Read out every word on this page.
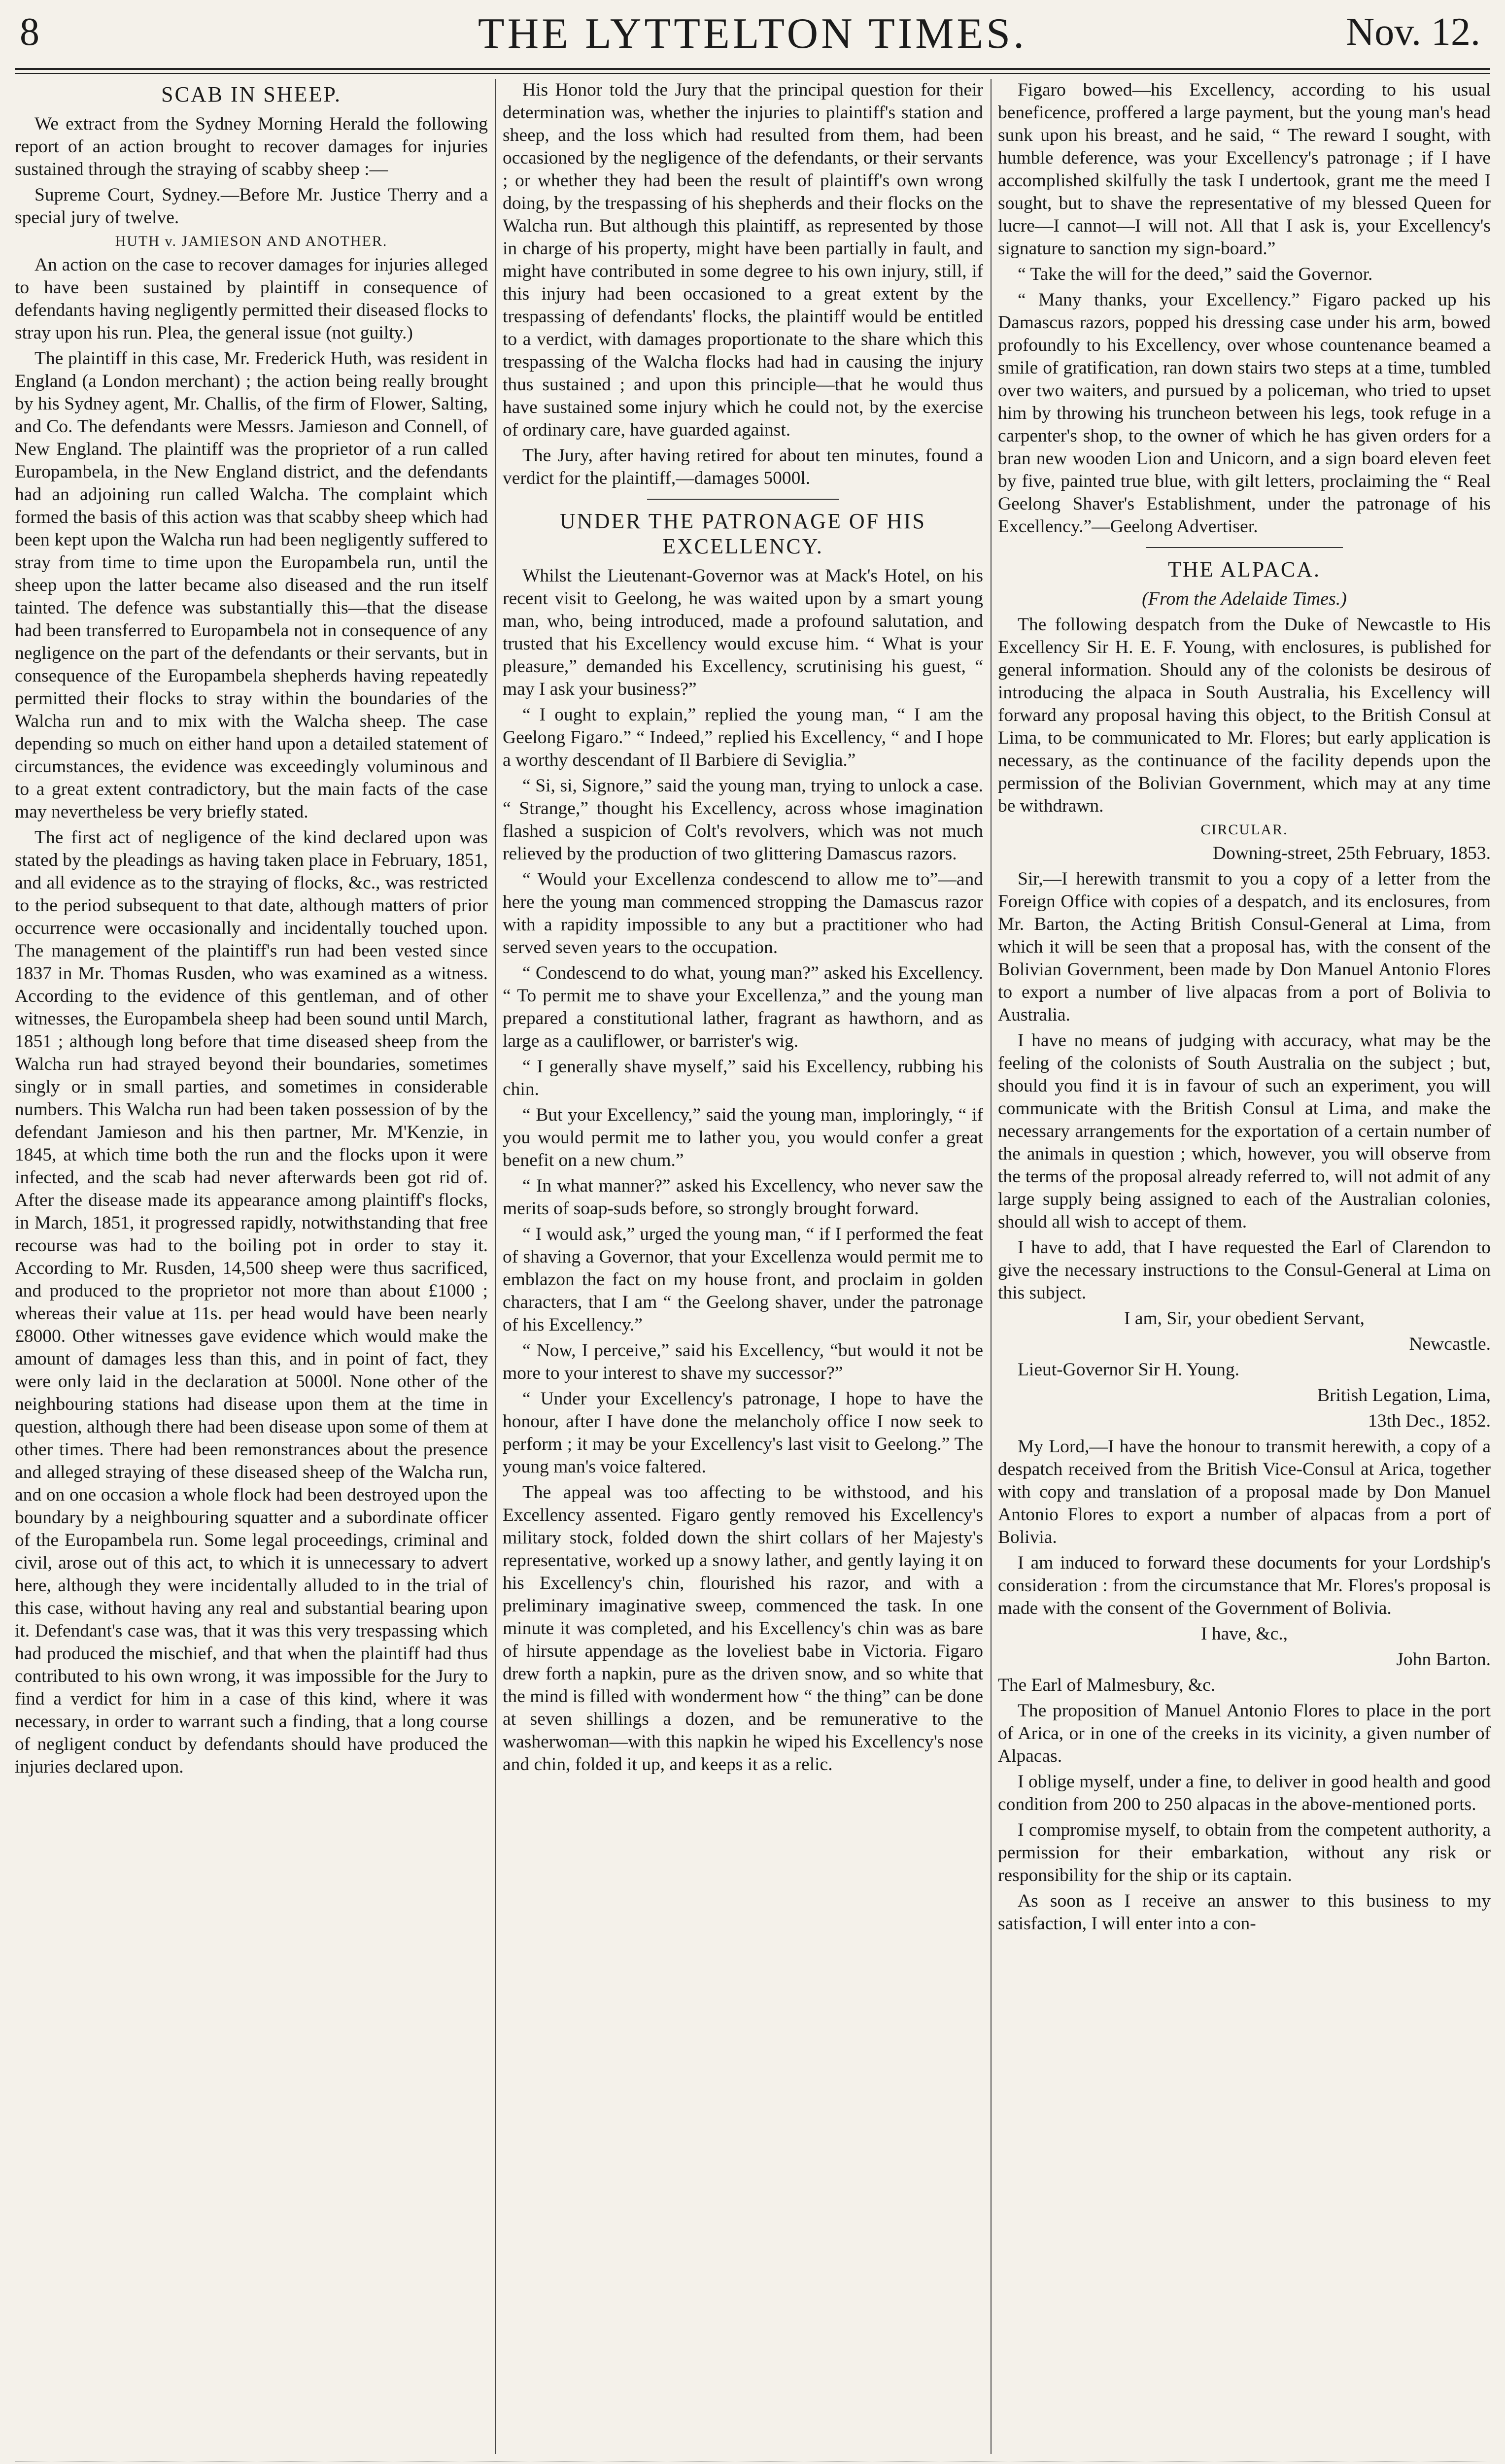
8	THE LYTTELTON TIMES.	Nov. 12.
SCAB IN SHEEP.

We extract from the Sydney Morning Herald the following report of an action brought to recover damages for injuries sustained through the straying of scabby sheep :—

Supreme Court, Sydney.—Before Mr. Justice Therry and a special jury of twelve.

HUTH v. JAMIESON AND ANOTHER.

An action on the case to recover damages for injuries alleged to have been sustained by plaintiff in consequence of defendants having negligently permitted their diseased flocks to stray upon his run. Plea, the general issue (not guilty.)

The plaintiff in this case, Mr. Frederick Huth, was resident in England (a London merchant) ; the action being really brought by his Sydney agent, Mr. Challis, of the firm of Flower, Salting, and Co. The defendants were Messrs. Jamieson and Connell, of New England. The plaintiff was the proprietor of a run called Europambela, in the New England district, and the defendants had an adjoining run called Walcha. The complaint which formed the basis of this action was that scabby sheep which had been kept upon the Walcha run had been negligently suffered to stray from time to time upon the Europambela run, until the sheep upon the latter became also diseased and the run itself tainted. The defence was substantially this—that the disease had been transferred to Europambela not in consequence of any negligence on the part of the defendants or their servants, but in consequence of the Europambela shepherds having repeatedly permitted their flocks to stray within the boundaries of the Walcha run and to mix with the Walcha sheep. The case depending so much on either hand upon a detailed statement of circumstances, the evidence was exceedingly voluminous and to a great extent contradictory, but the main facts of the case may nevertheless be very briefly stated.

The first act of negligence of the kind declared upon was stated by the pleadings as having taken place in February, 1851, and all evidence as to the straying of flocks, &c., was restricted to the period subsequent to that date, although matters of prior occurrence were occasionally and incidentally touched upon. The management of the plaintiff's run had been vested since 1837 in Mr. Thomas Rusden, who was examined as a witness. According to the evidence of this gentleman, and of other witnesses, the Europambela sheep had been sound until March, 1851 ; although long before that time diseased sheep from the Walcha run had strayed beyond their boundaries, sometimes singly or in small parties, and sometimes in considerable numbers. This Walcha run had been taken possession of by the defendant Jamieson and his then partner, Mr. M'Kenzie, in 1845, at which time both the run and the flocks upon it were infected, and the scab had never afterwards been got rid of. After the disease made its appearance among plaintiff's flocks, in March, 1851, it progressed rapidly, notwithstanding that free recourse was had to the boiling pot in order to stay it. According to Mr. Rusden, 14,500 sheep were thus sacrificed, and produced to the proprietor not more than about £1000 ; whereas their value at 11s. per head would have been nearly £8000. Other witnesses gave evidence which would make the amount of damages less than this, and in point of fact, they were only laid in the declaration at 5000l. None other of the neighbouring stations had disease upon them at the time in question, although there had been disease upon some of them at other times. There had been remonstrances about the presence and alleged straying of these diseased sheep of the Walcha run, and on one occasion a whole flock had been destroyed upon the boundary by a neighbouring squatter and a subordinate officer of the Europambela run. Some legal proceedings, criminal and civil, arose out of this act, to which it is unnecessary to advert here, although they were incidentally alluded to in the trial of this case, without having any real and substantial bearing upon it. Defendant's case was, that it was this very trespassing which had produced the mischief, and that when the plaintiff had thus contributed to his own wrong, it was impossible for the Jury to find a verdict for him in a case of this kind, where it was necessary, in order to warrant such a finding, that a long course of negligent conduct by defendants should have produced the injuries declared upon.

His Honor told the Jury that the principal question for their determination was, whether the injuries to plaintiff's station and sheep, and the loss which had resulted from them, had been occasioned by the negligence of the defendants, or their servants ; or whether they had been the result of plaintiff's own wrong doing, by the trespassing of his shepherds and their flocks on the Walcha run. But although this plaintiff, as represented by those in charge of his property, might have been partially in fault, and might have contributed in some degree to his own injury, still, if this injury had been occasioned to a great extent by the trespassing of defendants' flocks, the plaintiff would be entitled to a verdict, with damages proportionate to the share which this trespassing of the Walcha flocks had had in causing the injury thus sustained ; and upon this principle—that he would thus have sustained some injury which he could not, by the exercise of ordinary care, have guarded against.

The Jury, after having retired for about ten minutes, found a verdict for the plaintiff,—damages 5000l.

UNDER THE PATRONAGE OF HIS EXCELLENCY.

Whilst the Lieutenant-Governor was at Mack's Hotel, on his recent visit to Geelong, he was waited upon by a smart young man, who, being introduced, made a profound salutation, and trusted that his Excellency would excuse him. “ What is your pleasure,” demanded his Excellency, scrutinising his guest, “ may I ask your business?”

“ I ought to explain,” replied the young man, “ I am the Geelong Figaro.” “ Indeed,” replied his Excellency, “ and I hope a worthy descendant of Il Barbiere di Seviglia.”

“ Si, si, Signore,” said the young man, trying to unlock a case. “ Strange,” thought his Excellency, across whose imagination flashed a suspicion of Colt's revolvers, which was not much relieved by the production of two glittering Damascus razors.

“ Would your Excellenza condescend to allow me to”—and here the young man commenced stropping the Damascus razor with a rapidity impossible to any but a practitioner who had served seven years to the occupation.

“ Condescend to do what, young man?” asked his Excellency. “ To permit me to shave your Excellenza,” and the young man prepared a constitutional lather, fragrant as hawthorn, and as large as a cauliflower, or barrister's wig.

“ I generally shave myself,” said his Excellency, rubbing his chin.

“ But your Excellency,” said the young man, imploringly, “ if you would permit me to lather you, you would confer a great benefit on a new chum.”

“ In what manner?” asked his Excellency, who never saw the merits of soap-suds before, so strongly brought forward.

“ I would ask,” urged the young man, “ if I performed the feat of shaving a Governor, that your Excellenza would permit me to emblazon the fact on my house front, and proclaim in golden characters, that I am “ the Geelong shaver, under the patronage of his Excellency.”

“ Now, I perceive,” said his Excellency, “but would it not be more to your interest to shave my successor?”

“ Under your Excellency's patronage, I hope to have the honour, after I have done the melancholy office I now seek to perform ; it may be your Excellency's last visit to Geelong.” The young man's voice faltered.

The appeal was too affecting to be withstood, and his Excellency assented. Figaro gently removed his Excellency's military stock, folded down the shirt collars of her Majesty's representative, worked up a snowy lather, and gently laying it on his Excellency's chin, flourished his razor, and with a preliminary imaginative sweep, commenced the task. In one minute it was completed, and his Excellency's chin was as bare of hirsute appendage as the loveliest babe in Victoria. Figaro drew forth a napkin, pure as the driven snow, and so white that the mind is filled with wonderment how “ the thing” can be done at seven shillings a dozen, and be remunerative to the washerwoman—with this napkin he wiped his Excellency's nose and chin, folded it up, and keeps it as a relic.

Figaro bowed—his Excellency, according to his usual beneficence, proffered a large payment, but the young man's head sunk upon his breast, and he said, “ The reward I sought, with humble deference, was your Excellency's patronage ; if I have accomplished skilfully the task I undertook, grant me the meed I sought, but to shave the representative of my blessed Queen for lucre—I cannot—I will not. All that I ask is, your Excellency's signature to sanction my sign-board.”

“ Take the will for the deed,” said the Governor.

“ Many thanks, your Excellency.” Figaro packed up his Damascus razors, popped his dressing case under his arm, bowed profoundly to his Excellency, over whose countenance beamed a smile of gratification, ran down stairs two steps at a time, tumbled over two waiters, and pursued by a policeman, who tried to upset him by throwing his truncheon between his legs, took refuge in a carpenter's shop, to the owner of which he has given orders for a bran new wooden Lion and Unicorn, and a sign board eleven feet by five, painted true blue, with gilt letters, proclaiming the “ Real Geelong Shaver's Establishment, under the patronage of his Excellency.”—Geelong Advertiser.

THE ALPACA.
(From the Adelaide Times.)

The following despatch from the Duke of Newcastle to His Excellency Sir H. E. F. Young, with enclosures, is published for general information. Should any of the colonists be desirous of introducing the alpaca in South Australia, his Excellency will forward any proposal having this object, to the British Consul at Lima, to be communicated to Mr. Flores; but early application is necessary, as the continuance of the facility depends upon the permission of the Bolivian Government, which may at any time be withdrawn.

CIRCULAR.

Downing-street, 25th February, 1853.

Sir,—I herewith transmit to you a copy of a letter from the Foreign Office with copies of a despatch, and its enclosures, from Mr. Barton, the Acting British Consul-General at Lima, from which it will be seen that a proposal has, with the consent of the Bolivian Government, been made by Don Manuel Antonio Flores to export a number of live alpacas from a port of Bolivia to Australia.

I have no means of judging with accuracy, what may be the feeling of the colonists of South Australia on the subject ; but, should you find it is in favour of such an experiment, you will communicate with the British Consul at Lima, and make the necessary arrangements for the exportation of a certain number of the animals in question ; which, however, you will observe from the terms of the proposal already referred to, will not admit of any large supply being assigned to each of the Australian colonies, should all wish to accept of them.

I have to add, that I have requested the Earl of Clarendon to give the necessary instructions to the Consul-General at Lima on this subject.

I am, Sir, your obedient Servant,

Newcastle.

Lieut-Governor Sir H. Young.

British Legation, Lima,

13th Dec., 1852.

My Lord,—I have the honour to transmit herewith, a copy of a despatch received from the British Vice-Consul at Arica, together with copy and translation of a proposal made by Don Manuel Antonio Flores to export a number of alpacas from a port of Bolivia.

I am induced to forward these documents for your Lordship's consideration : from the circumstance that Mr. Flores's proposal is made with the consent of the Government of Bolivia.

I have, &c.,

John Barton.

The Earl of Malmesbury, &c.

The proposition of Manuel Antonio Flores to place in the port of Arica, or in one of the creeks in its vicinity, a given number of Alpacas.

I oblige myself, under a fine, to deliver in good health and good condition from 200 to 250 alpacas in the above-mentioned ports.

I compromise myself, to obtain from the competent authority, a permission for their embarkation, without any risk or responsibility for the ship or its captain.

As soon as I receive an answer to this business to my satisfaction, I will enter into a con-
